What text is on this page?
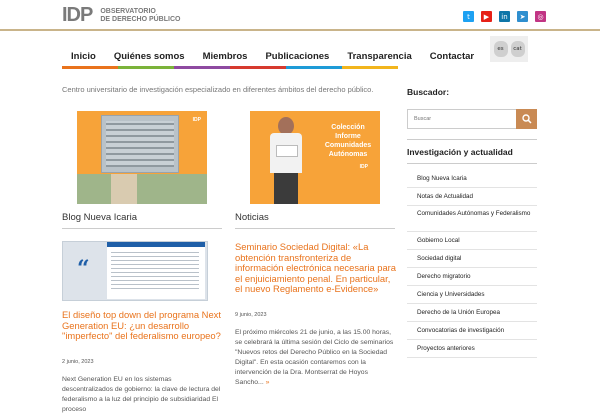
IDP OBSERVATORIO
DE DERECHO PÚBLICO	t	▶	in	➤	◎
Inicio	Quiénes somos	Miembros	Publicaciones	Transparencia	Contactar
es	cat
Centro universitario de investigación especializado en diferentes ámbitos del derecho público.
IDP
Colección Informe Comunidades Autónomas
IDP
Blog Nueva Icaria	Noticias
“
El diseño top down del programa Next Generation EU: ¿un desarrollo "imperfecto" del federalismo europeo?
2 junio, 2023
Next Generation EU en los sistemas descentralizados de gobierno: la clave de lectura del federalismo a la luz del principio de subsidiaridad El proceso
Seminario Sociedad Digital: «La obtención transfronteriza de información electrónica necesaria para el enjuiciamiento penal. En particular, el nuevo Reglamento e-Evidence»
9 junio, 2023
El próximo miércoles 21 de junio, a las 15.00 horas, se celebrará la última sesión del Ciclo de seminarios "Nuevos retos del Derecho Público en la Sociedad Digital". En esta ocasión contaremos con la intervención de la Dra. Montserrat de Hoyos Sancho... »
Buscador:
Buscar
Investigación y actualidad
Blog Nueva Icaria
Notas de Actualidad
Comunidades Autónomas y Federalismo
Gobierno Local
Sociedad digital
Derecho migratorio
Ciencia y Universidades
Derecho de la Unión Europea
Convocatorias de investigación
Proyectos anteriores
